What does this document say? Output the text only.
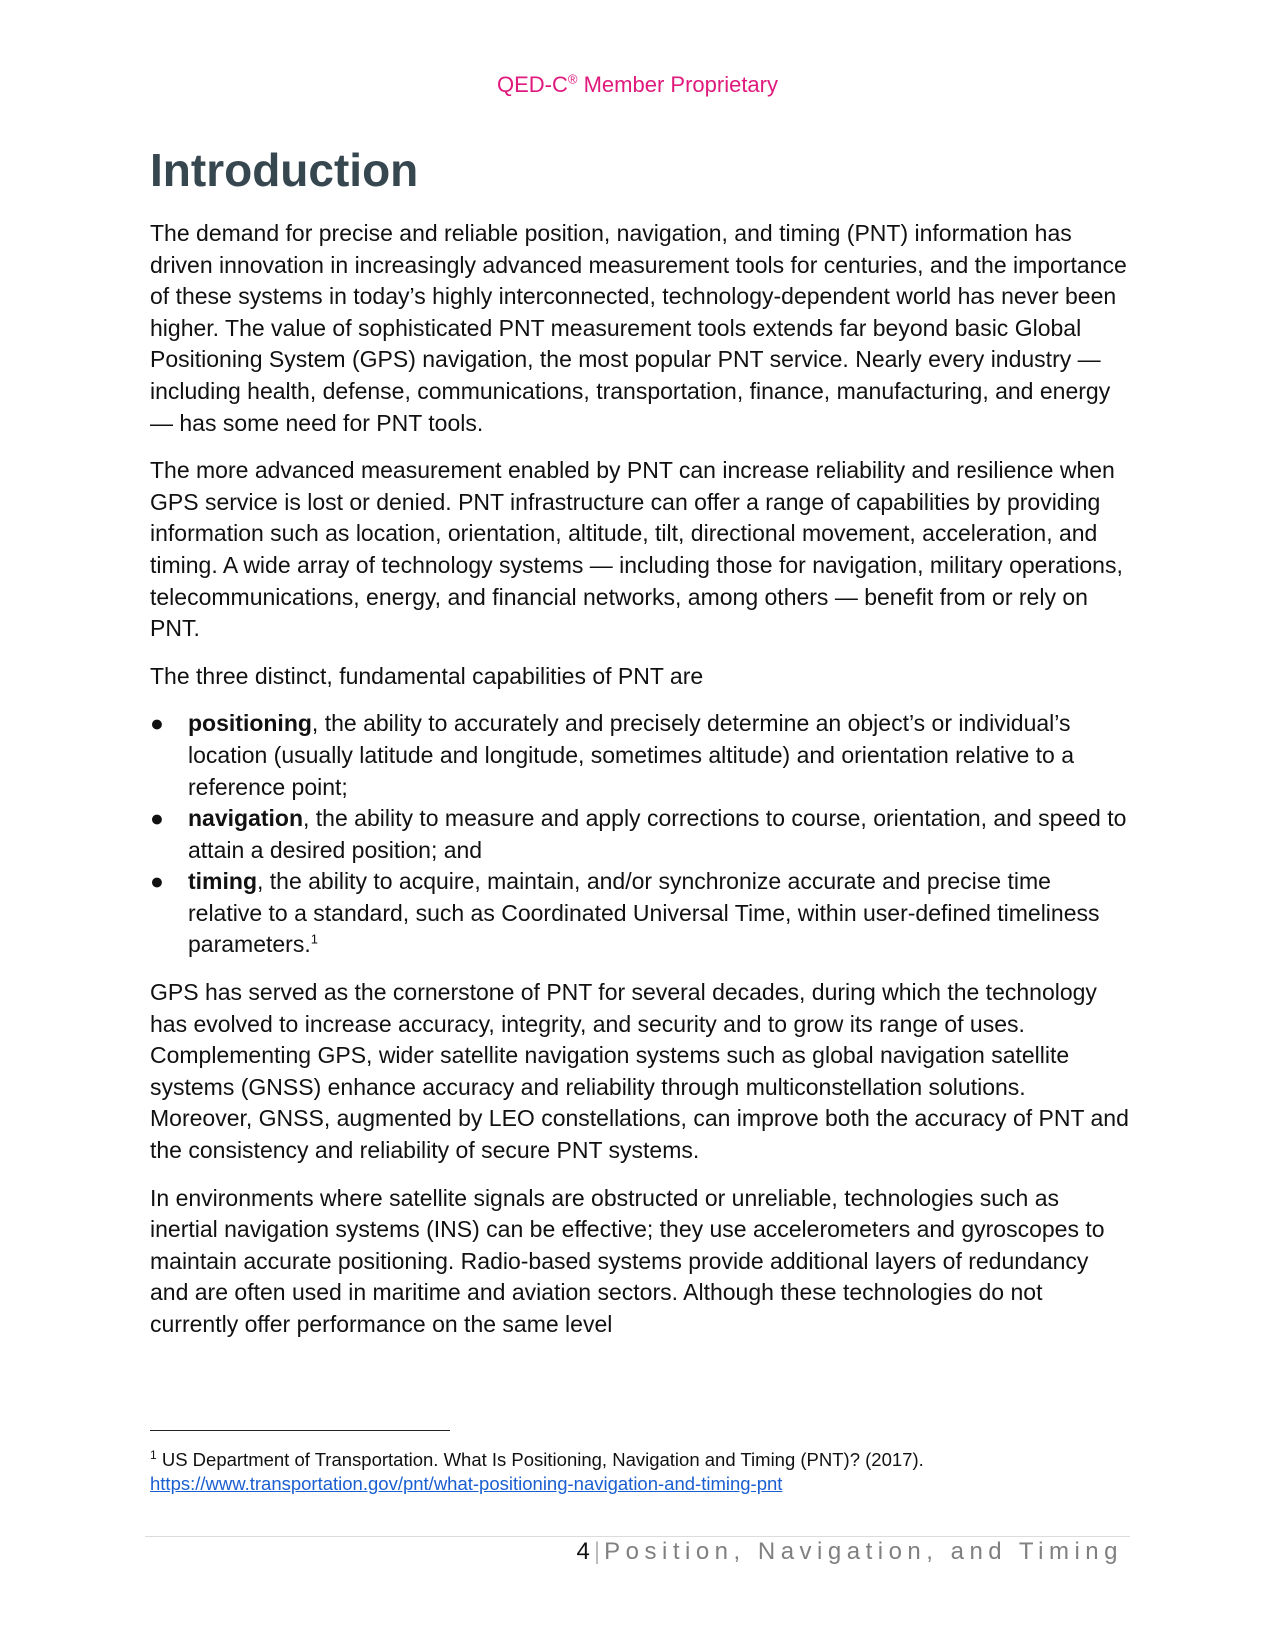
QED-C® Member Proprietary
Introduction

The demand for precise and reliable position, navigation, and timing (PNT) information has driven innovation in increasingly advanced measurement tools for centuries, and the importance of these systems in today’s highly interconnected, technology-dependent world has never been higher. The value of sophisticated PNT measurement tools extends far beyond basic Global Positioning System (GPS) navigation, the most popular PNT service. Nearly every industry — including health, defense, communications, transportation, finance, manufacturing, and energy — has some need for PNT tools.

The more advanced measurement enabled by PNT can increase reliability and resilience when GPS service is lost or denied. PNT infrastructure can offer a range of capabilities by providing information such as location, orientation, altitude, tilt, directional movement, acceleration, and timing. A wide array of technology systems — including those for navigation, military operations, telecommunications, energy, and financial networks, among others — benefit from or rely on PNT.

The three distinct, fundamental capabilities of PNT are

● positioning, the ability to accurately and precisely determine an object’s or individual’s location (usually latitude and longitude, sometimes altitude) and orientation relative to a reference point;
● navigation, the ability to measure and apply corrections to course, orientation, and speed to attain a desired position; and
● timing, the ability to acquire, maintain, and/or synchronize accurate and precise time relative to a standard, such as Coordinated Universal Time, within user-defined timeliness parameters.$^1$

GPS has served as the cornerstone of PNT for several decades, during which the technology has evolved to increase accuracy, integrity, and security and to grow its range of uses. Complementing GPS, wider satellite navigation systems such as global navigation satellite systems (GNSS) enhance accuracy and reliability through multiconstellation solutions. Moreover, GNSS, augmented by LEO constellations, can improve both the accuracy of PNT and the consistency and reliability of secure PNT systems.

In environments where satellite signals are obstructed or unreliable, technologies such as inertial navigation systems (INS) can be effective; they use accelerometers and gyroscopes to maintain accurate positioning. Radio-based systems provide additional layers of redundancy and are often used in maritime and aviation sectors. Although these technologies do not currently offer performance on the same level

$^1$ US Department of Transportation. What Is Positioning, Navigation and Timing (PNT)? (2017).
https://www.transportation.gov/pnt/what-positioning-navigation-and-timing-pnt
4 | Position, Navigation, and Timing
